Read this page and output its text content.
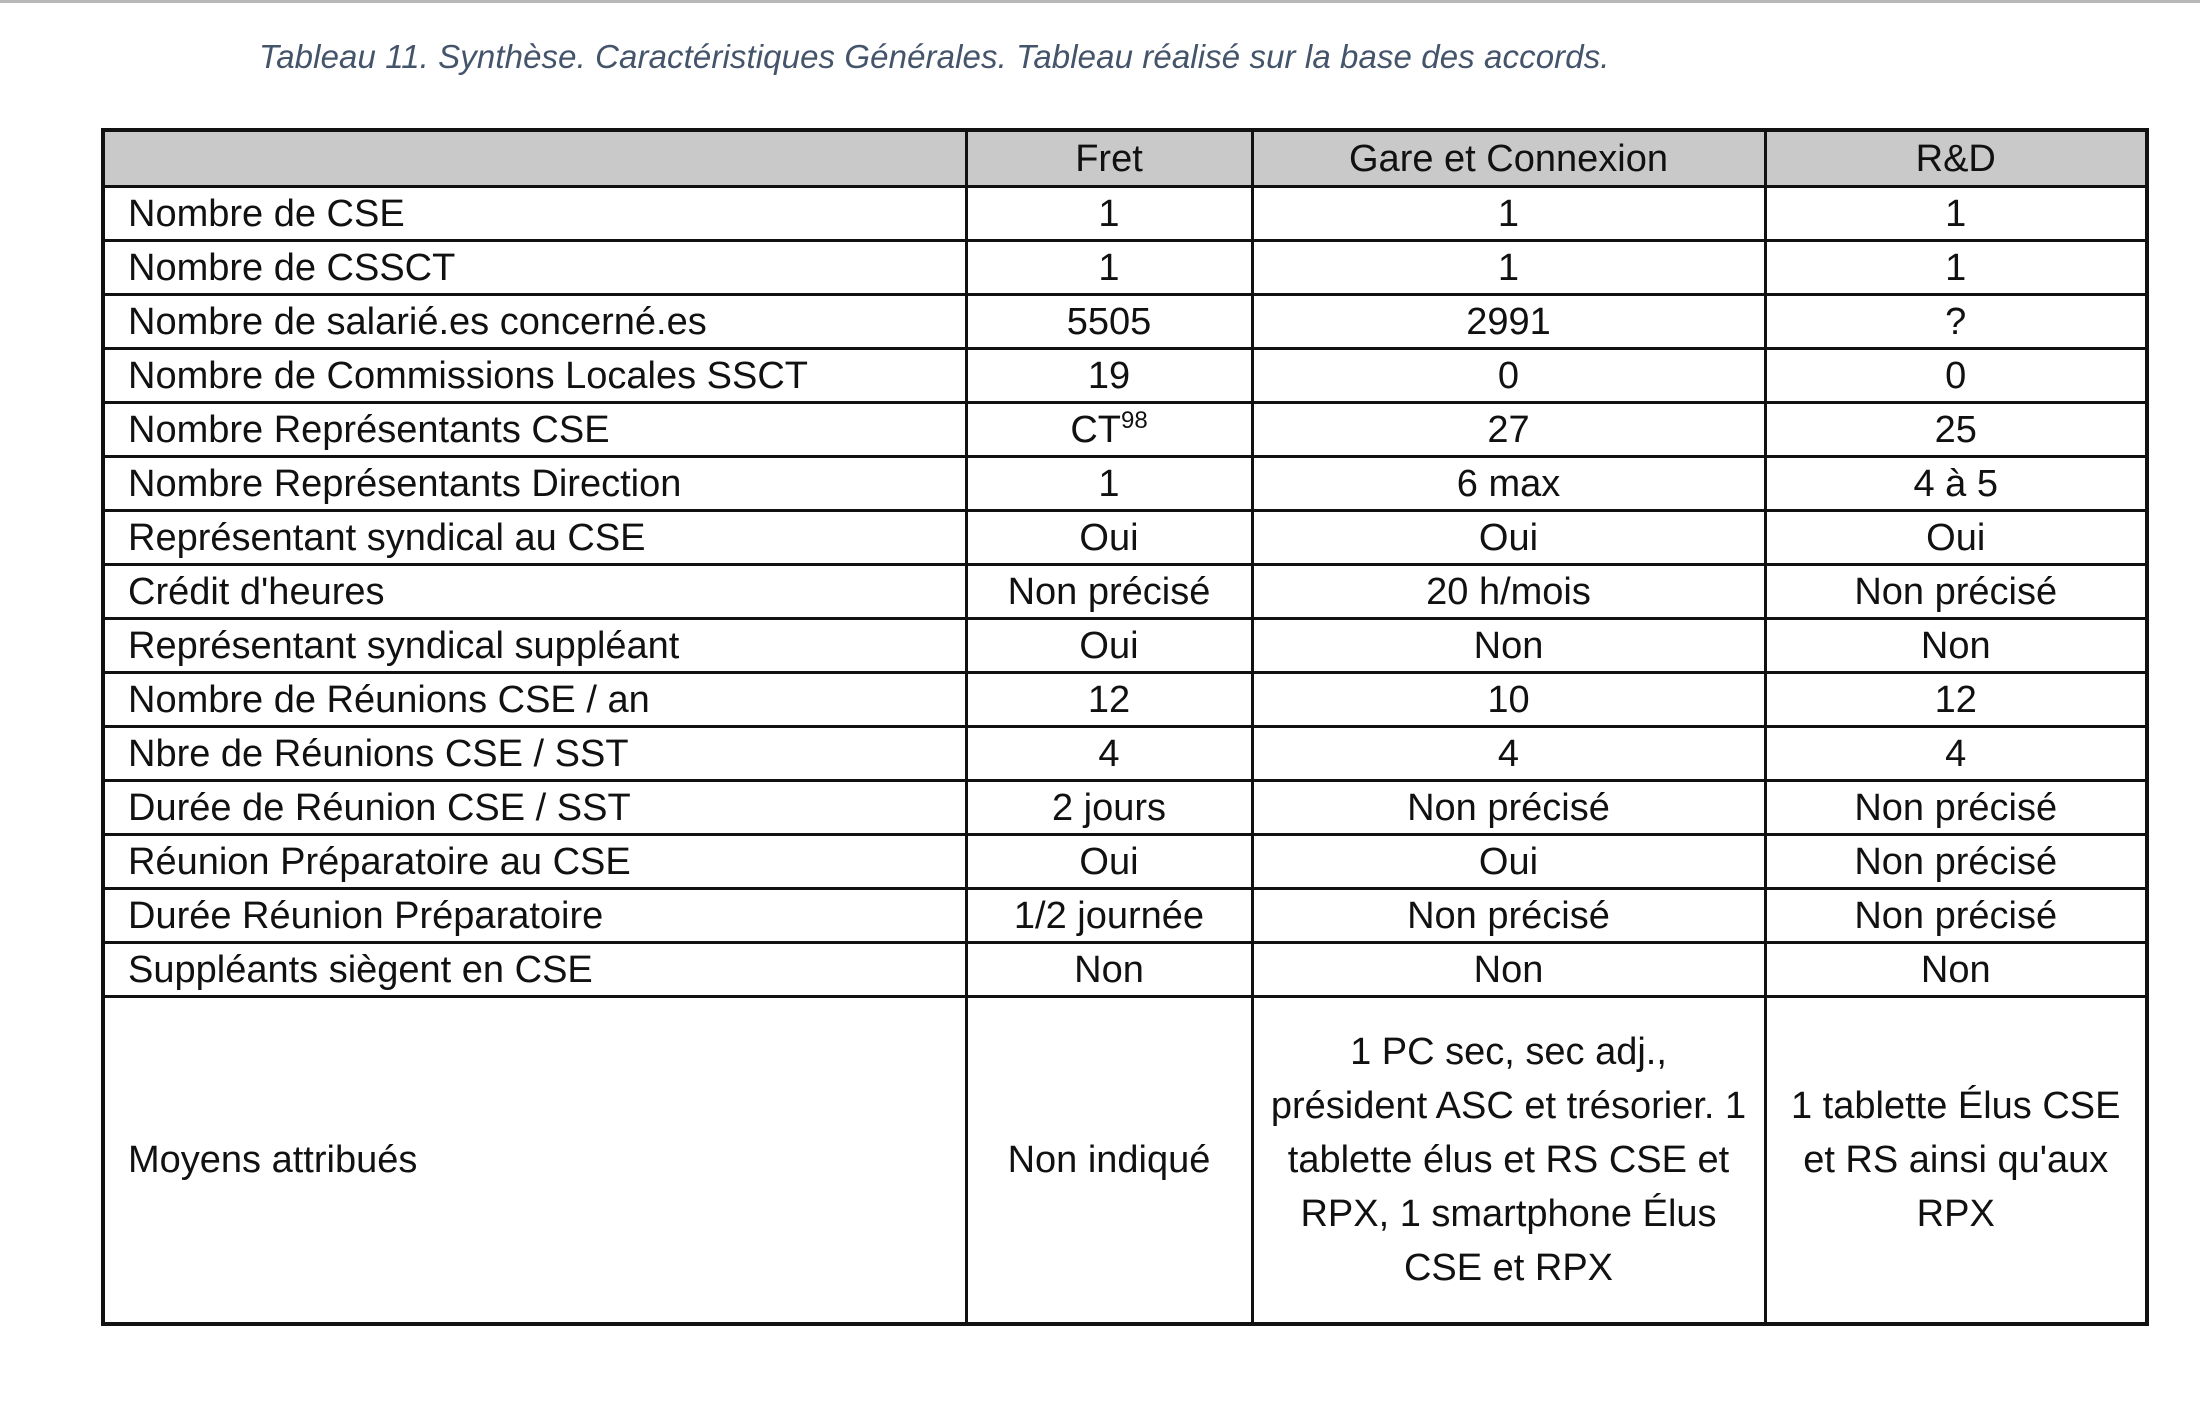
Tableau 11. Synthèse. Caractéristiques Générales. Tableau réalisé sur la base des accords.
	Fret	Gare et Connexion	R&D
Nombre de CSE	1	1	1
Nombre de CSSCT	1	1	1
Nombre de salarié.es concerné.es	5505	2991	?
Nombre de Commissions Locales SSCT	19	0	0
Nombre Représentants CSE	CT$^{98}$	27	25
Nombre Représentants Direction	1	6 max	4 à 5
Représentant syndical au CSE	Oui	Oui	Oui
Crédit d'heures	Non précisé	20 h/mois	Non précisé
Représentant syndical suppléant	Oui	Non	Non
Nombre de Réunions CSE / an	12	10	12
Nbre de Réunions CSE / SST	4	4	4
Durée de Réunion CSE / SST	2 jours	Non précisé	Non précisé
Réunion Préparatoire au CSE	Oui	Oui	Non précisé
Durée Réunion Préparatoire	1/2 journée	Non précisé	Non précisé
Suppléants siègent en CSE	Non	Non	Non
Moyens attribués	Non indiqué	1 PC sec, sec adj., président ASC et trésorier. 1 tablette élus et RS CSE et RPX, 1 smartphone Élus CSE et RPX	1 tablette Élus CSE et RS ainsi qu'aux RPX
